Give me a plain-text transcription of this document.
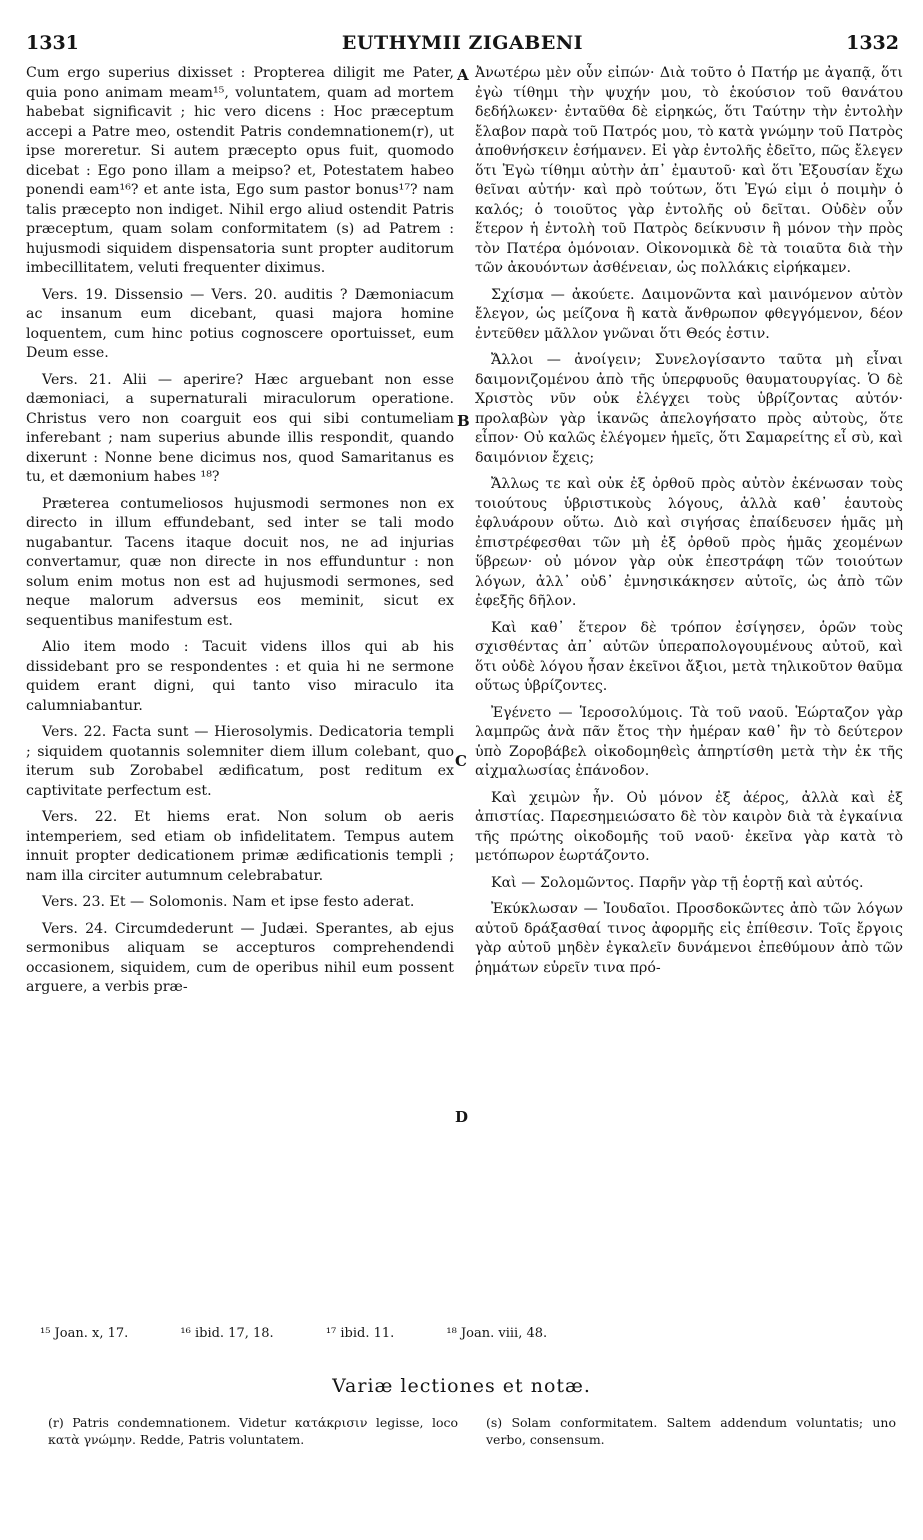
1331	EUTHYMII ZIGABENI	1332

Cum ergo superius dixisset : Propterea diligit me Pater, quia pono animam meam¹⁵, voluntatem, quam ad mortem habebat significavit ; hic vero dicens : Hoc præceptum accepi a Patre meo, ostendit Patris condemnationem(r), ut ipse moreretur. Si autem præcepto opus fuit, quomodo dicebat : Ego pono illam a meipso? et, Potestatem habeo ponendi eam¹⁶? et ante ista, Ego sum pastor bonus¹⁷? nam talis præcepto non indiget. Nihil ergo aliud ostendit Patris præceptum, quam solam conformitatem (s) ad Patrem : hujusmodi siquidem dispensatoria sunt propter auditorum imbecillitatem, veluti frequenter diximus.

Vers. 19. Dissensio — Vers. 20. auditis ? Dæmoniacum ac insanum eum dicebant, quasi majora homine loquentem, cum hinc potius cognoscere oportuisset, eum Deum esse.

Vers. 21. Alii — aperire? Hæc arguebant non esse dæmoniaci, a supernaturali miraculorum operatione. Christus vero non coarguit eos qui sibi contumeliam inferebant ; nam superius abunde illis respondit, quando dixerunt : Nonne bene dicimus nos, quod Samaritanus es tu, et dæmonium habes ¹⁸?

Præterea contumeliosos hujusmodi sermones non ex directo in illum effundebant, sed inter se tali modo nugabantur. Tacens itaque docuit nos, ne ad injurias convertamur, quæ non directe in nos effunduntur : non solum enim motus non est ad hujusmodi sermones, sed neque malorum adversus eos meminit, sicut ex sequentibus manifestum est.

Alio item modo : Tacuit videns illos qui ab his dissidebant pro se respondentes : et quia hi ne sermone quidem erant digni, qui tanto viso miraculo ita calumniabantur.

Vers. 22. Facta sunt — Hierosolymis. Dedicatoria templi ; siquidem quotannis solemniter diem illum colebant, quo iterum sub Zorobabel ædificatum, post reditum ex captivitate perfectum est.

Vers. 22. Et hiems erat. Non solum ob aeris intemperiem, sed etiam ob infidelitatem. Tempus autem innuit propter dedicationem primæ ædificationis templi ; nam illa circiter autumnum celebrabatur.

Vers. 23. Et — Solomonis. Nam et ipse festo aderat.

Vers. 24. Circumdederunt — Judæi. Sperantes, ab ejus sermonibus aliquam se accepturos comprehendendi occasionem, siquidem, cum de operibus nihil eum possent arguere, a verbis præ-

A
B
C
D

Ἀνωτέρω μὲν οὖν εἰπών· Διὰ τοῦτο ὁ Πατήρ με ἀγαπᾷ, ὅτι ἐγὼ τίθημι τὴν ψυχήν μου, τὸ ἑκούσιον τοῦ θανάτου δεδήλωκεν· ἐνταῦθα δὲ εἰρηκώς, ὅτι Ταύτην τὴν ἐντολὴν ἔλαβον παρὰ τοῦ Πατρός μου, τὸ κατὰ γνώμην τοῦ Πατρὸς ἀποθνήσκειν ἐσήμανεν. Εἰ γὰρ ἐντολῆς ἐδεῖτο, πῶς ἔλεγεν ὅτι Ἐγὼ τίθημι αὐτὴν ἀπ᾽ ἐμαυτοῦ· καὶ ὅτι Ἐξουσίαν ἔχω θεῖναι αὐτήν· καὶ πρὸ τούτων, ὅτι Ἐγώ εἰμι ὁ ποιμὴν ὁ καλός; ὁ τοιοῦτος γὰρ ἐντολῆς οὐ δεῖται. Οὐδὲν οὖν ἕτερον ἡ ἐντολὴ τοῦ Πατρὸς δείκνυσιν ἢ μόνον τὴν πρὸς τὸν Πατέρα ὁμόνοιαν. Οἰκονομικὰ δὲ τὰ τοιαῦτα διὰ τὴν τῶν ἀκουόντων ἀσθένειαν, ὡς πολλάκις εἰρήκαμεν.

Σχίσμα — ἀκούετε. Δαιμονῶντα καὶ μαινόμενον αὐτὸν ἔλεγον, ὡς μείζονα ἢ κατὰ ἄνθρωπον φθεγγόμενον, δέον ἐντεῦθεν μᾶλλον γνῶναι ὅτι Θεός ἐστιν.

Ἄλλοι — ἀνοίγειν; Συνελογίσαντο ταῦτα μὴ εἶναι δαιμονιζομένου ἀπὸ τῆς ὑπερφυοῦς θαυματουργίας. Ὁ δὲ Χριστὸς νῦν οὐκ ἐλέγχει τοὺς ὑβρίζοντας αὐτόν· προλαβὼν γὰρ ἱκανῶς ἀπελογήσατο πρὸς αὐτοὺς, ὅτε εἶπον· Οὐ καλῶς ἐλέγομεν ἡμεῖς, ὅτι Σαμαρείτης εἶ σὺ, καὶ δαιμόνιον ἔχεις;

Ἄλλως τε καὶ οὐκ ἐξ ὀρθοῦ πρὸς αὐτὸν ἐκένωσαν τοὺς τοιούτους ὑβριστικοὺς λόγους, ἀλλὰ καθ᾽ ἑαυτοὺς ἐφλυάρουν οὕτω. Διὸ καὶ σιγήσας ἐπαίδευσεν ἡμᾶς μὴ ἐπιστρέφεσθαι τῶν μὴ ἐξ ὀρθοῦ πρὸς ἡμᾶς χεομένων ὕβρεων· οὐ μόνον γὰρ οὐκ ἐπεστράφη τῶν τοιούτων λόγων, ἀλλ᾽ οὐδ᾽ ἐμνησικάκησεν αὐτοῖς, ὡς ἀπὸ τῶν ἐφεξῆς δῆλον.

Καὶ καθ᾽ ἕτερον δὲ τρόπον ἐσίγησεν, ὁρῶν τοὺς σχισθέντας ἀπ᾽ αὐτῶν ὑπεραπολογουμένους αὐτοῦ, καὶ ὅτι οὐδὲ λόγου ἦσαν ἐκεῖνοι ἄξιοι, μετὰ τηλικοῦτον θαῦμα οὕτως ὑβρίζοντες.

Ἐγένετο — Ἱεροσολύμοις. Τὰ τοῦ ναοῦ. Ἑώρταζον γὰρ λαμπρῶς ἀνὰ πᾶν ἔτος τὴν ἡμέραν καθ᾽ ἣν τὸ δεύτερον ὑπὸ Ζοροβάβελ οἰκοδομηθεὶς ἀπηρτίσθη μετὰ τὴν ἐκ τῆς αἰχμαλωσίας ἐπάνοδον.

Καὶ χειμὼν ἦν. Οὐ μόνον ἐξ ἀέρος, ἀλλὰ καὶ ἐξ ἀπιστίας. Παρεσημειώσατο δὲ τὸν καιρὸν διὰ τὰ ἐγκαίνια τῆς πρώτης οἰκοδομῆς τοῦ ναοῦ· ἐκεῖνα γὰρ κατὰ τὸ μετόπωρον ἑωρτάζοντο.

Καὶ — Σολομῶντος. Παρῆν γὰρ τῇ ἑορτῇ καὶ αὐτός.

Ἐκύκλωσαν — Ἰουδαῖοι. Προσδοκῶντες ἀπὸ τῶν λόγων αὐτοῦ δράξασθαί τινος ἀφορμῆς εἰς ἐπίθεσιν. Τοῖς ἔργοις γὰρ αὐτοῦ μηδὲν ἐγκαλεῖν δυνάμενοι ἐπεθύμουν ἀπὸ τῶν ῥημάτων εὑρεῖν τινα πρό-

¹⁵ Joan. x, 17.	¹⁶ ibid. 17, 18.	¹⁷ ibid. 11.	¹⁸ Joan. viii, 48.
Variæ lectiones et notæ.
(r) Patris condemnationem. Videtur κατάκρισιν legisse, loco κατὰ γνώμην. Redde, Patris voluntatem.
(s) Solam conformitatem. Saltem addendum voluntatis; uno verbo, consensum.
